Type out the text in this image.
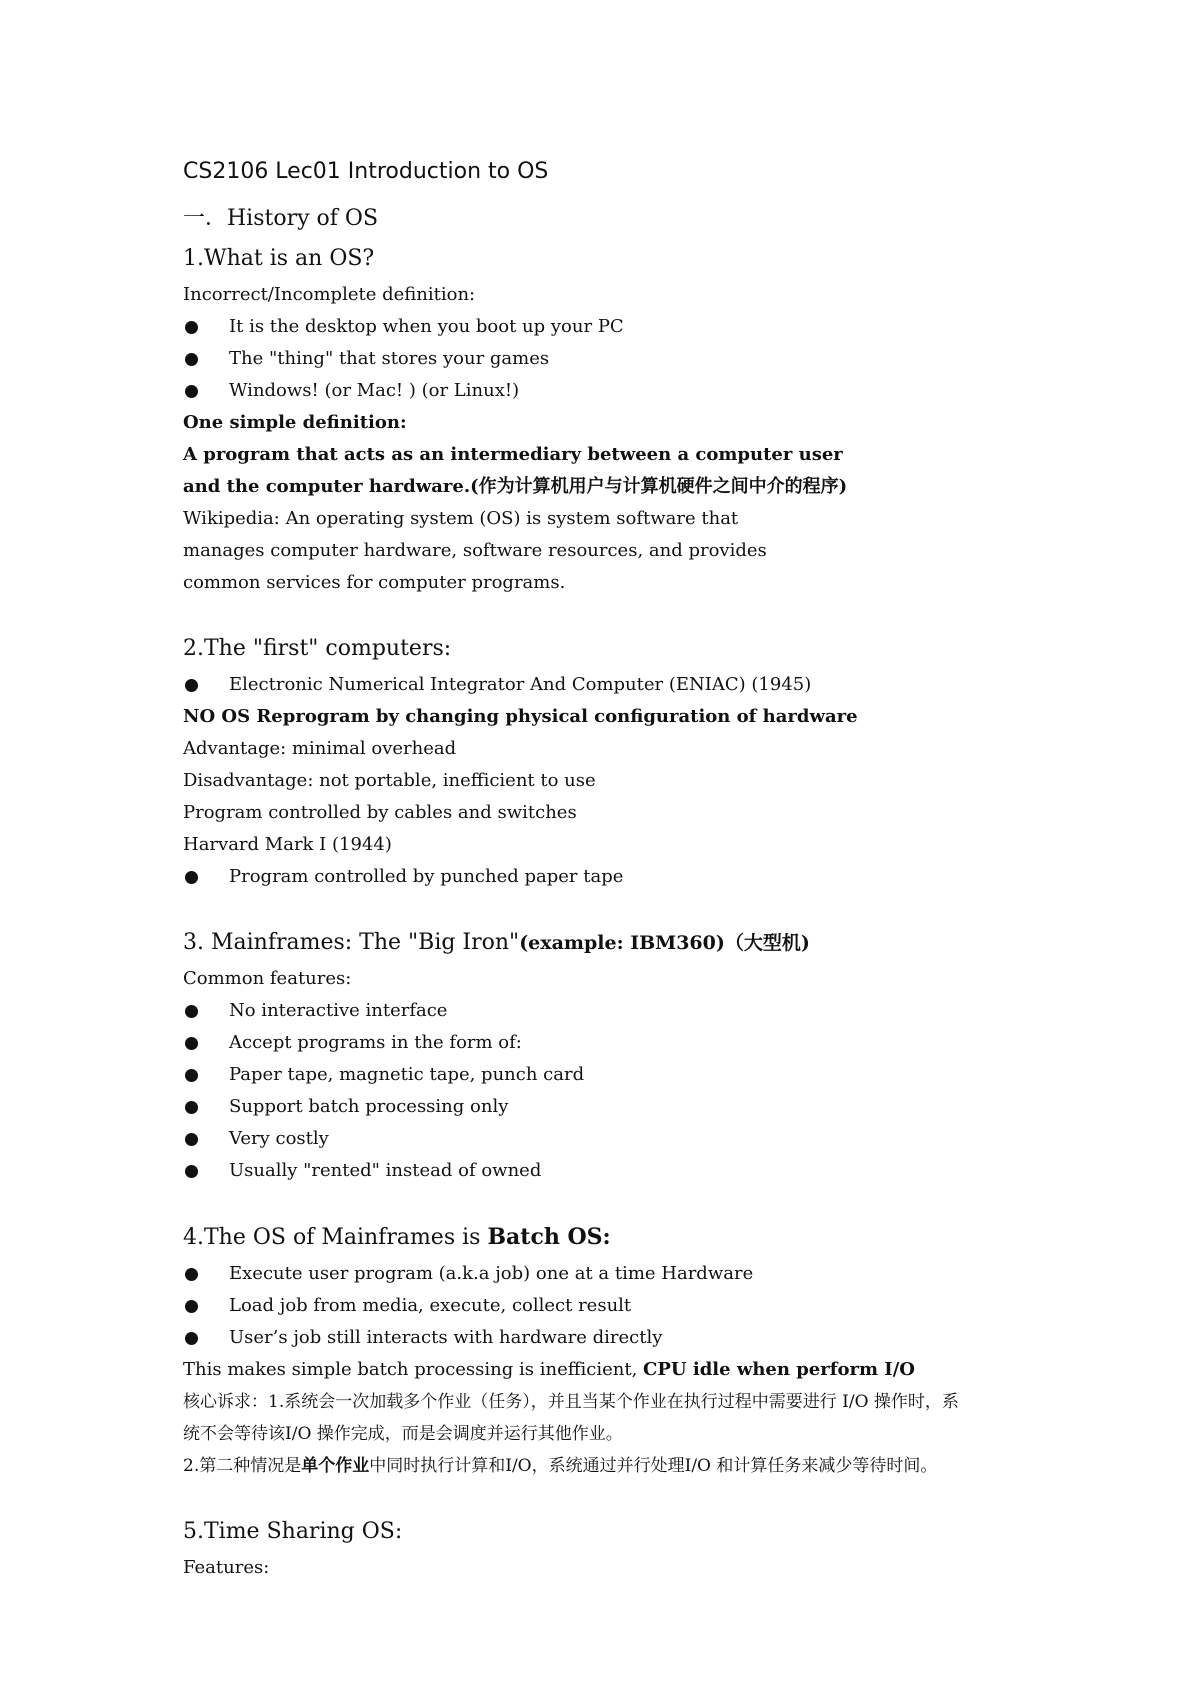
CS2106 Lec01 Introduction to OS
一．History of OS
1.What is an OS?
Incorrect/Incomplete definition:
It is the desktop when you boot up your PC
The "thing" that stores your games
Windows! (or Mac! ) (or Linux!)
One simple definition:
A program that acts as an intermediary between a computer user
and the computer hardware.(作为计算机用户与计算机硬件之间中介的程序)
Wikipedia: An operating system (OS) is system software that
manages computer hardware, software resources, and provides
common services for computer programs.
2.The "first" computers:
Electronic Numerical Integrator And Computer (ENIAC) (1945)
NO OS Reprogram by changing physical configuration of hardware
Advantage: minimal overhead
Disadvantage: not portable, inefficient to use
Program controlled by cables and switches
Harvard Mark I (1944)
Program controlled by punched paper tape
3. Mainframes: The "Big Iron"(example: IBM360)（大型机)
Common features:
No interactive interface
Accept programs in the form of:
Paper tape, magnetic tape, punch card
Support batch processing only
Very costly
Usually "rented" instead of owned
4.The OS of Mainframes is Batch OS:
Execute user program (a.k.a job) one at a time Hardware
Load job from media, execute, collect result
User’s job still interacts with hardware directly
This makes simple batch processing is inefficient, CPU idle when perform I/O
核心诉求：1.系统会一次加载多个作业（任务），并且当某个作业在执行过程中需要进行 I/O 操作时，系
统不会等待该I/O 操作完成，而是会调度并运行其他作业。
2.第二种情况是单个作业中同时执行计算和I/O，系统通过并行处理I/O 和计算任务来减少等待时间。
5.Time Sharing OS:
Features:
